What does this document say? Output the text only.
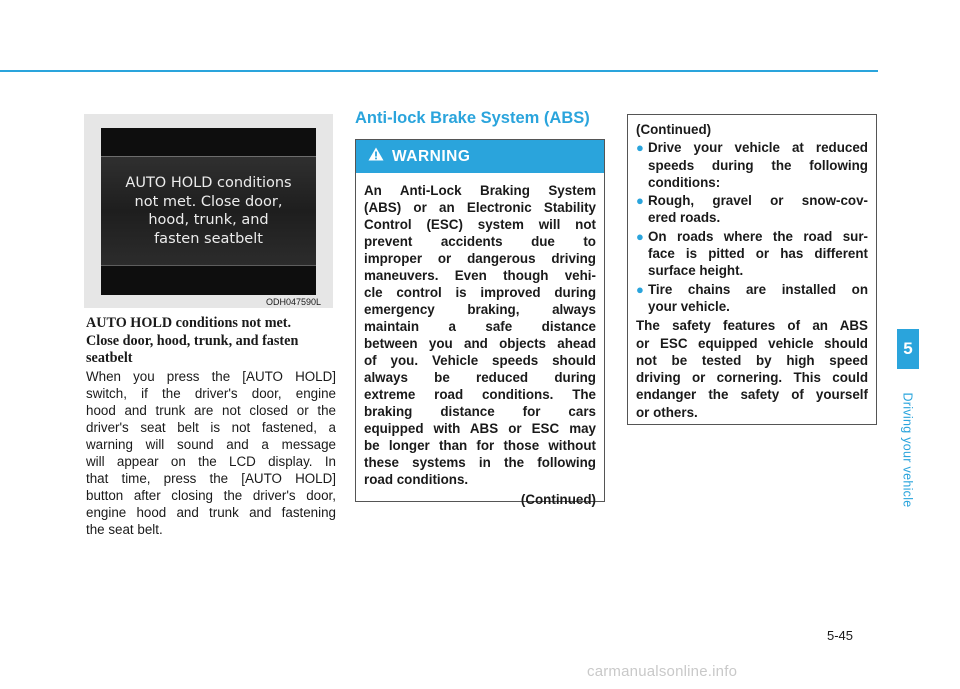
5
Driving your vehicle
AUTO HOLD conditions
not met. Close door,
hood, trunk, and
fasten seatbelt
ODH047590L
AUTO HOLD conditions not met.
Close door, hood, trunk, and fasten
seatbelt
When you press the [AUTO HOLD]
switch, if the driver's door, engine
hood and trunk are not closed or the
driver's seat belt is not fastened, a
warning will sound and a message
will appear on the LCD display. In
that time, press the [AUTO HOLD]
button after closing the driver's door,
engine hood and trunk and fastening
the seat belt.
Anti-lock Brake System (ABS)
WARNING
An Anti-Lock Braking System
(ABS) or an Electronic Stability
Control (ESC) system will not
prevent accidents due to
improper or dangerous driving
maneuvers. Even though vehi-
cle control is improved during
emergency braking, always
maintain a safe distance
between you and objects ahead
of you. Vehicle speeds should
always be reduced during
extreme road conditions. The
braking distance for cars
equipped with ABS or ESC may
be longer than for those without
these systems in the following
road conditions.
(Continued)
(Continued)
● Drive your vehicle at reduced
speeds during the following
conditions:
● Rough, gravel or snow-cov-
ered roads.
● On roads where the road sur-
face is pitted or has different
surface height.
● Tire chains are installed on
your vehicle.
The safety features of an ABS
or ESC equipped vehicle should
not be tested by high speed
driving or cornering. This could
endanger the safety of yourself
or others.
5-45
carmanualsonline.info
